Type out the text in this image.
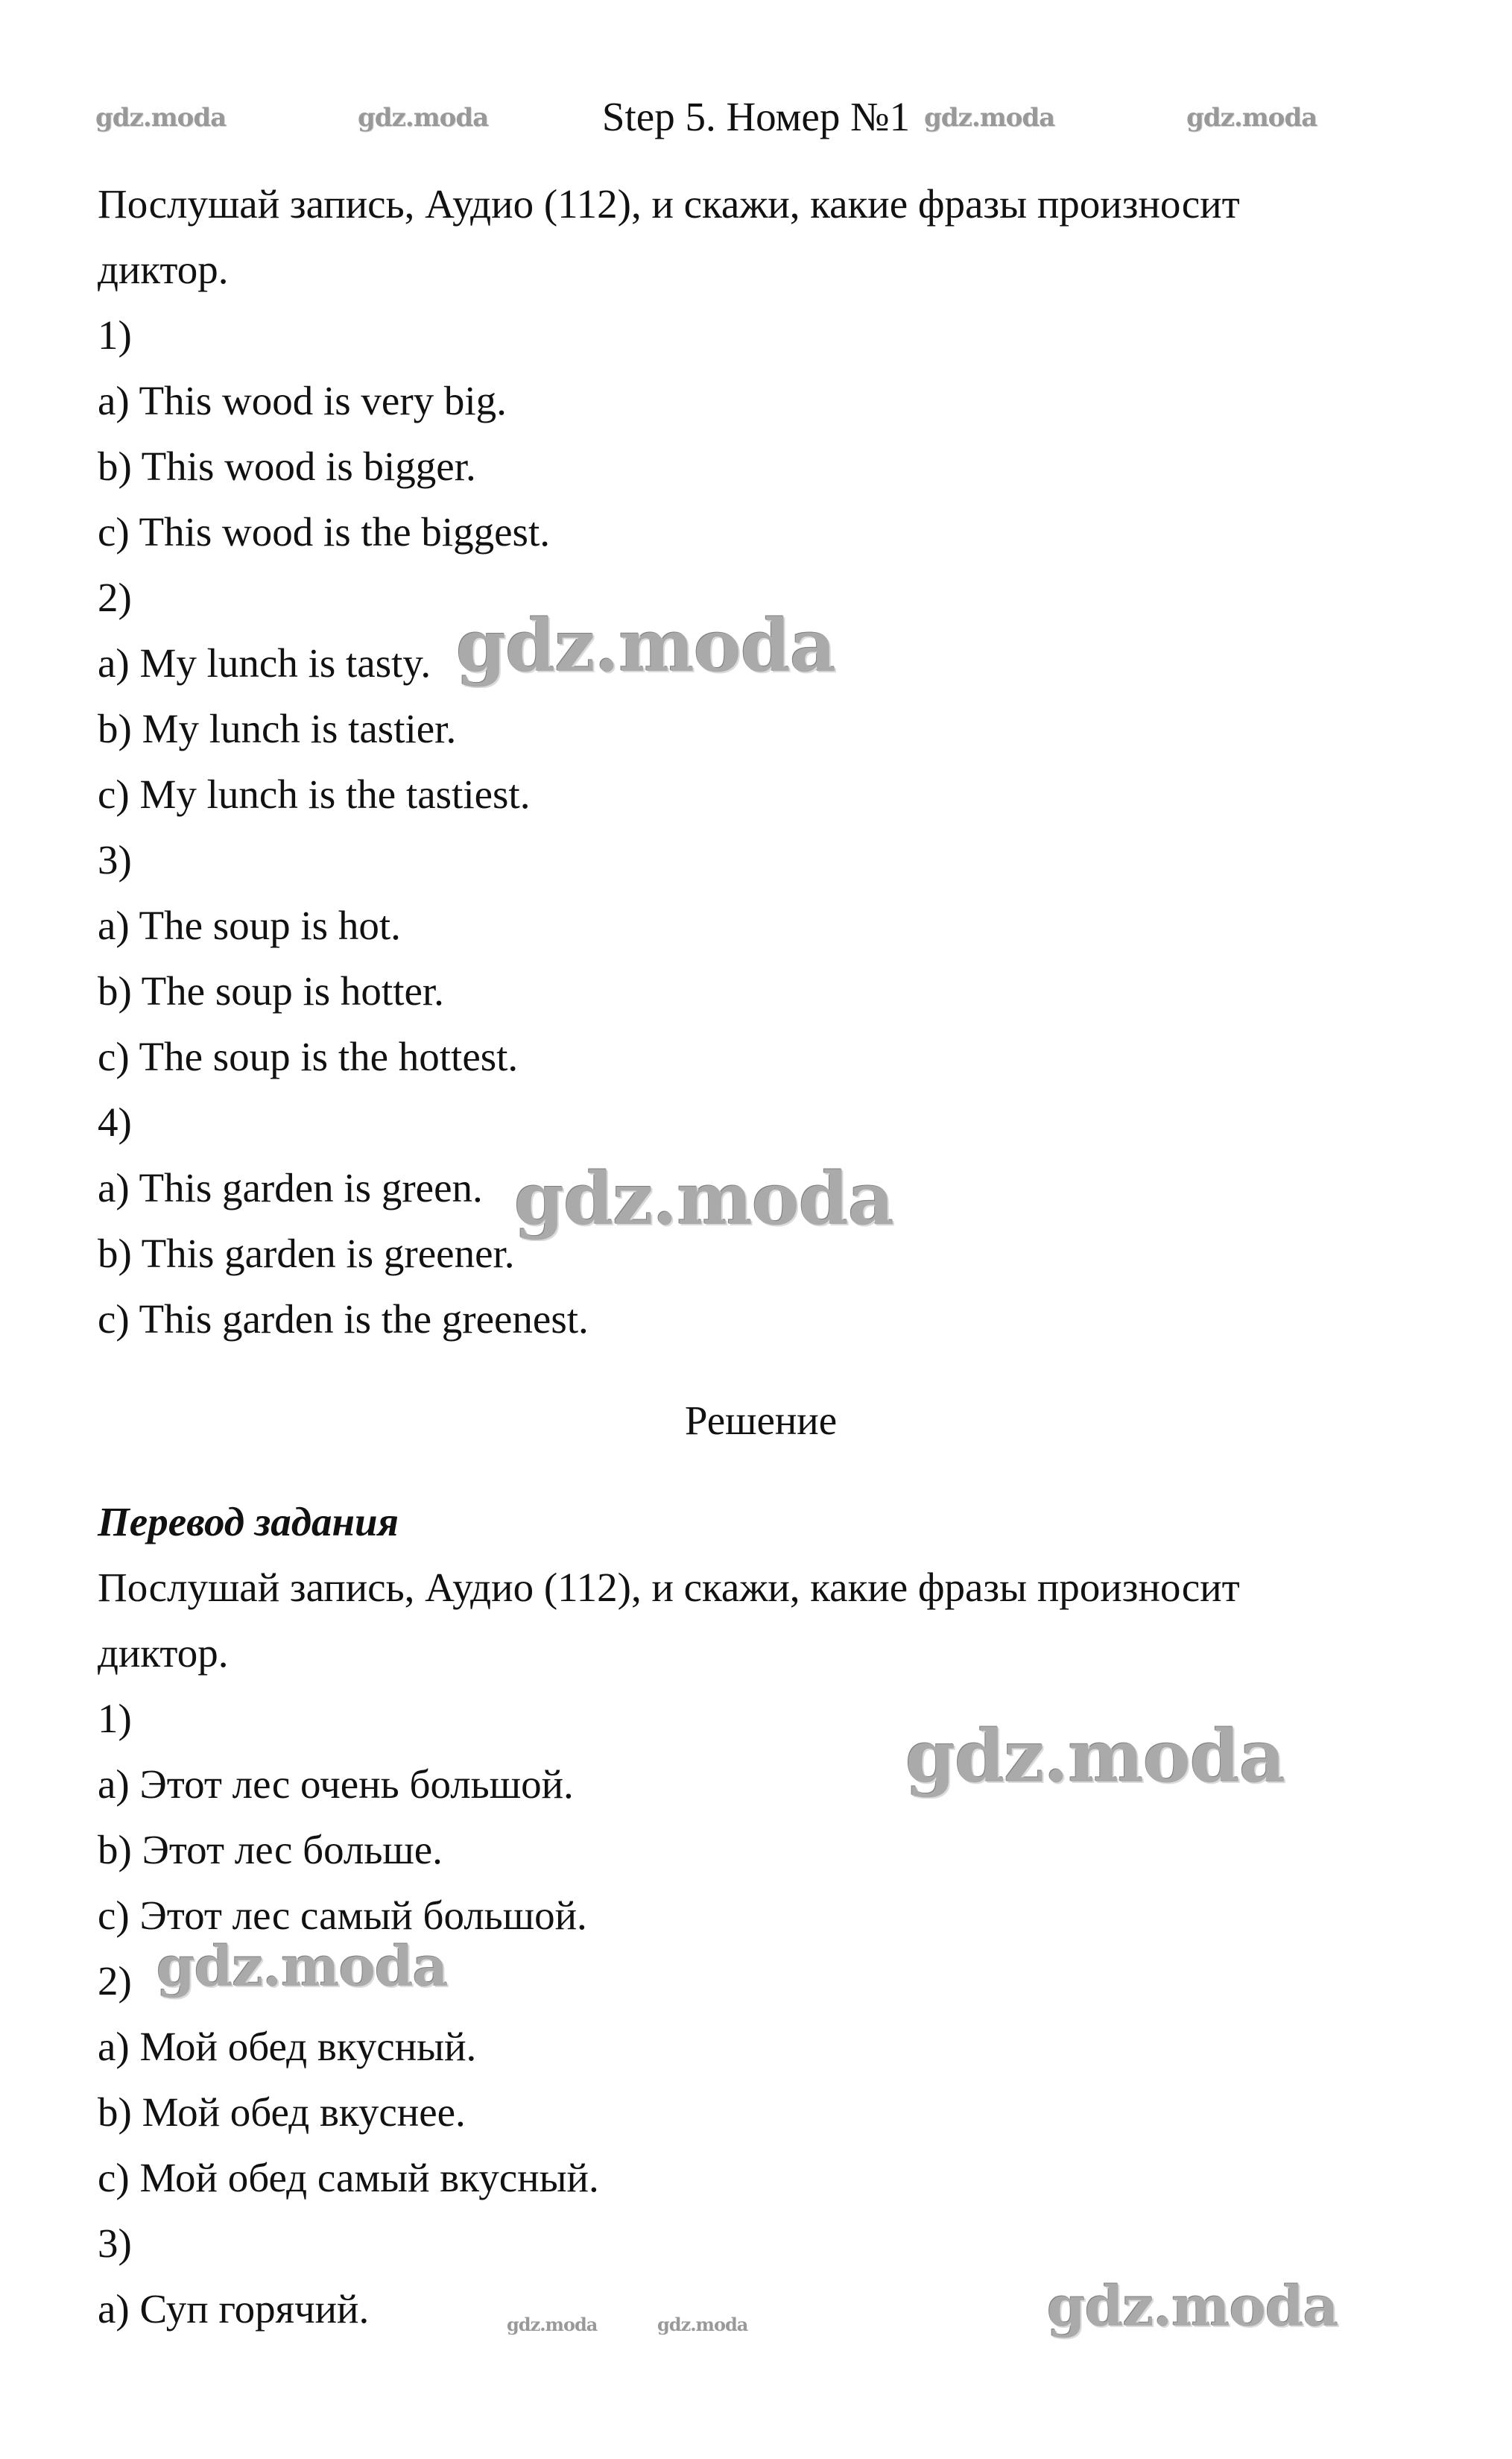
Step 5. Номер №1
Послушай запись, Аудио (112), и скажи, какие фразы произносит
диктор.
1)
a) This wood is very big.
b) This wood is bigger.
c) This wood is the biggest.
2)
a) My lunch is tasty.
b) My lunch is tastier.
c) My lunch is the tastiest.
3)
a) The soup is hot.
b) The soup is hotter.
c) The soup is the hottest.
4)
a) This garden is green.
b) This garden is greener.
c) This garden is the greenest.
Решение
Перевод задания
Послушай запись, Аудио (112), и скажи, какие фразы произносит
диктор.
1)
a) Этот лес очень большой.
b) Этот лес больше.
c) Этот лес самый большой.
2)
a) Мой обед вкусный.
b) Мой обед вкуснее.
c) Мой обед самый вкусный.
3)
a) Суп горячий.
gdz.moda	gdz.moda	gdz.moda	gdz.moda
gdz.moda
gdz.moda
gdz.moda
gdz.moda
gdz.moda
gdz.moda	gdz.moda
